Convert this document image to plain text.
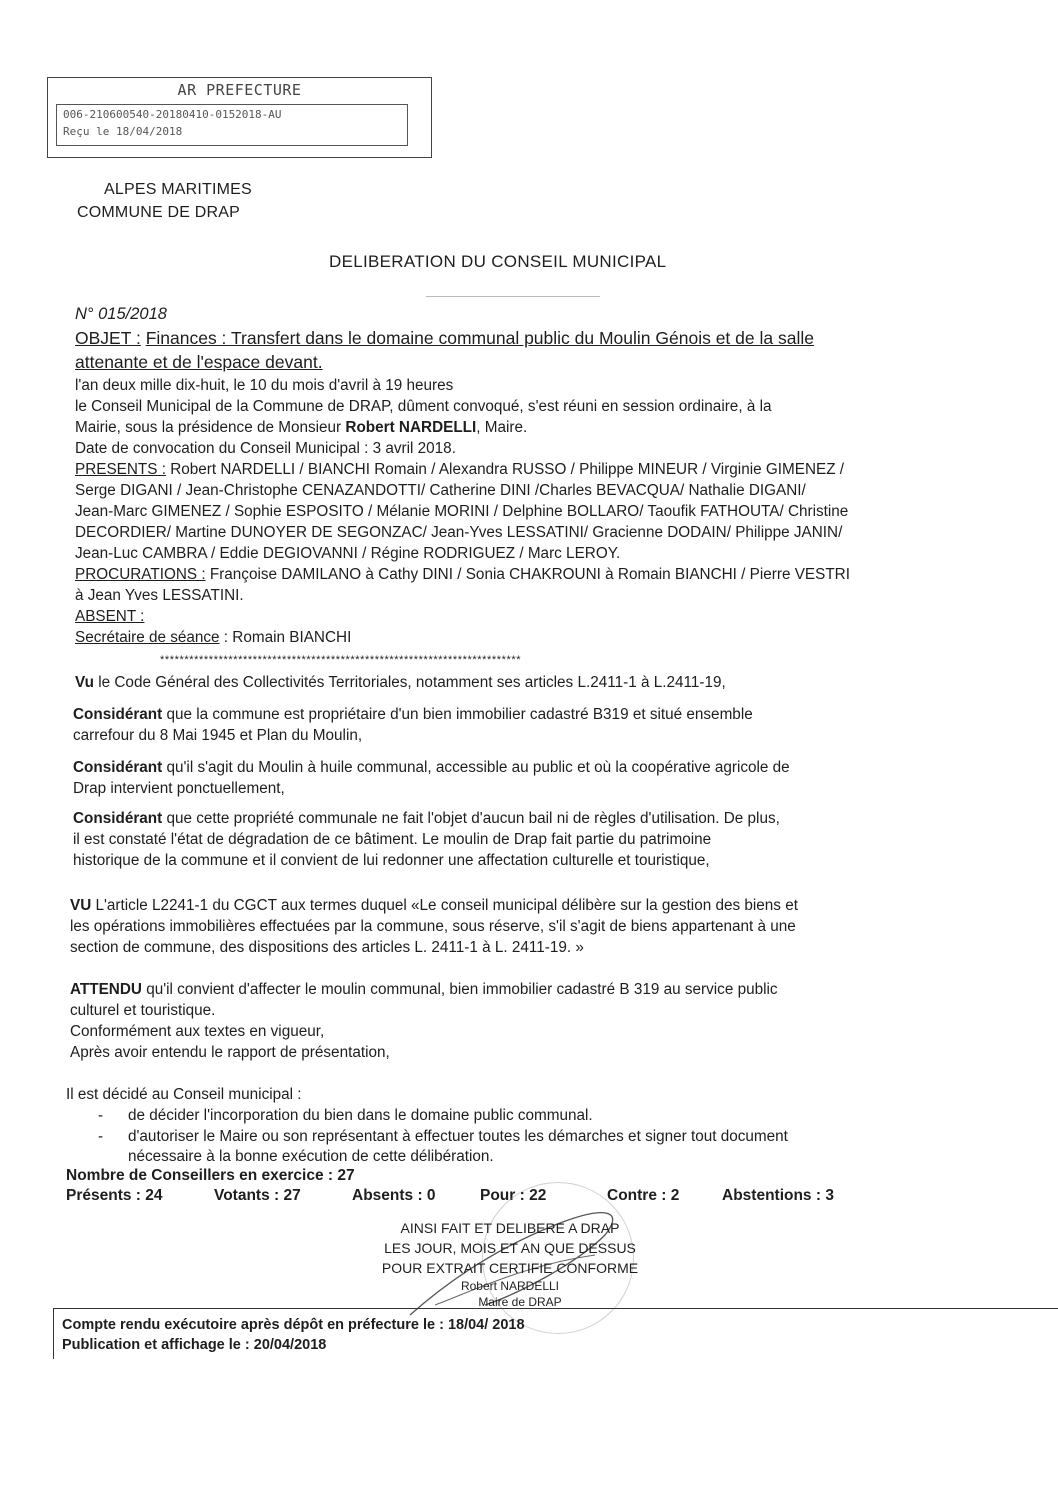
AR PREFECTURE
006-210600540-20180410-0152018-AU
Reçu le 18/04/2018
ALPES MARITIMES
COMMUNE DE DRAP
DELIBERATION DU CONSEIL MUNICIPAL
N° 015/2018
OBJET : Finances : Transfert dans le domaine communal public du Moulin Génois et de la salle
attenante et de l'espace devant.
l'an deux mille dix-huit, le 10 du mois d'avril à 19 heures
le Conseil Municipal de la Commune de DRAP, dûment convoqué, s'est réuni en session ordinaire, à la
Mairie, sous la présidence de Monsieur Robert NARDELLI, Maire.
Date de convocation du Conseil Municipal : 3 avril 2018.
PRESENTS : Robert NARDELLI / BIANCHI Romain / Alexandra RUSSO / Philippe MINEUR / Virginie GIMENEZ /
Serge DIGANI / Jean-Christophe CENAZANDOTTI/ Catherine DINI /Charles BEVACQUA/ Nathalie DIGANI/
Jean-Marc GIMENEZ / Sophie ESPOSITO / Mélanie MORINI / Delphine BOLLARO/ Taoufik FATHOUTA/ Christine
DECORDIER/ Martine DUNOYER DE SEGONZAC/ Jean-Yves LESSATINI/ Gracienne DODAIN/ Philippe JANIN/
Jean-Luc CAMBRA / Eddie DEGIOVANNI / Régine RODRIGUEZ / Marc LEROY.
PROCURATIONS : Françoise DAMILANO à Cathy DINI / Sonia CHAKROUNI à Romain BIANCHI / Pierre VESTRI
à Jean Yves LESSATINI.
ABSENT :
Secrétaire de séance : Romain BIANCHI
**************************************************************************
Vu le Code Général des Collectivités Territoriales, notamment ses articles L.2411-1 à L.2411-19,
Considérant que la commune est propriétaire d'un bien immobilier cadastré B319 et situé ensemble
carrefour du 8 Mai 1945 et Plan du Moulin,
Considérant qu'il s'agit du Moulin à huile communal, accessible au public et où la coopérative agricole de
Drap intervient ponctuellement,
Considérant que cette propriété communale ne fait l'objet d'aucun bail ni de règles d'utilisation. De plus,
il est constaté l'état de dégradation de ce bâtiment. Le moulin de Drap fait partie du patrimoine
historique de la commune et il convient de lui redonner une affectation culturelle et touristique,
VU L'article L2241-1 du CGCT aux termes duquel «Le conseil municipal délibère sur la gestion des biens et
les opérations immobilières effectuées par la commune, sous réserve, s'il s'agit de biens appartenant à une
section de commune, des dispositions des articles L. 2411-1 à L. 2411-19. »
ATTENDU qu'il convient d'affecter le moulin communal, bien immobilier cadastré B 319 au service public
culturel et touristique.
Conformément aux textes en vigueur,
Après avoir entendu le rapport de présentation,
Il est décidé au Conseil municipal :
- de décider l'incorporation du bien dans le domaine public communal.
- d'autoriser le Maire ou son représentant à effectuer toutes les démarches et signer tout document
nécessaire à la bonne exécution de cette délibération.
Nombre de Conseillers en exercice : 27
Présents : 24	Votants : 27	Absents : 0	Pour : 22	Contre : 2	Abstentions : 3
AINSI FAIT ET DELIBERE A DRAP
LES JOUR, MOIS ET AN QUE DESSUS
POUR EXTRAIT CERTIFIE CONFORME
Robert NARDELLI
Maire de DRAP
Compte rendu exécutoire après dépôt en préfecture le : 18/04/ 2018
Publication et affichage le : 20/04/2018
